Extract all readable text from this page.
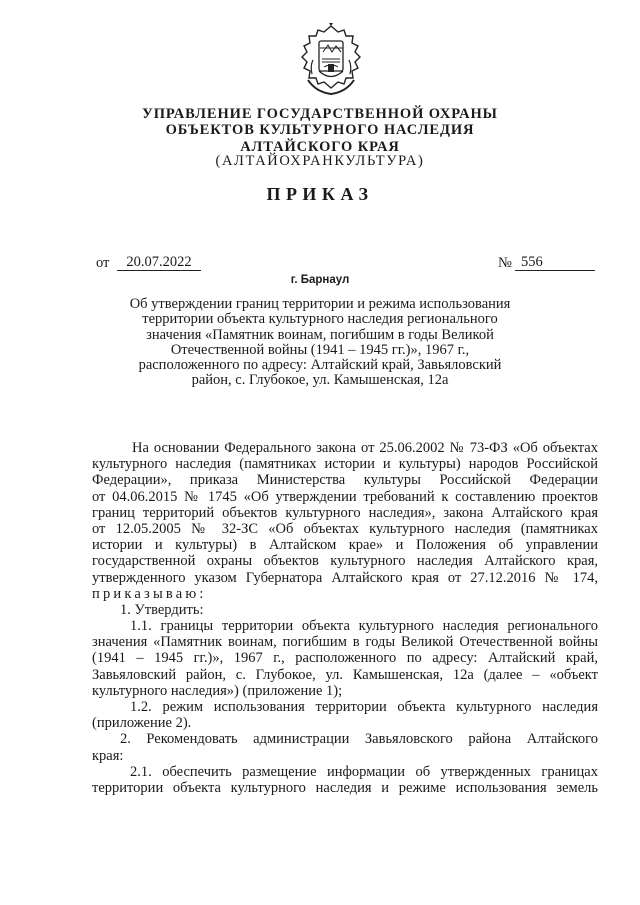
УПРАВЛЕНИЕ ГОСУДАРСТВЕННОЙ ОХРАНЫ
ОБЪЕКТОВ КУЛЬТУРНОГО НАСЛЕДИЯ
АЛТАЙСКОГО КРАЯ
(АЛТАЙОХРАНКУЛЬТУРА)
ПРИКАЗ
от	20.07.2022	№ 556
г. Барнаул
Об утверждении границ территории и режима использования
территории объекта культурного наследия регионального
значения «Памятник воинам, погибшим в годы Великой
Отечественной войны (1941 – 1945 гг.)», 1967 г.,
расположенного по адресу: Алтайский край, Завьяловский
район, с. Глубокое, ул. Камышенская, 12а
На основании Федерального закона от 25.06.2002 № 73-ФЗ «Об объектах
культурного наследия (памятниках истории и культуры) народов Российской
Федерации», приказа Министерства культуры Российской Федерации
от 04.06.2015 № 1745 «Об утверждении требований к составлению проектов
границ территорий объектов культурного наследия», закона Алтайского края
от 12.05.2005 № 32-ЗС «Об объектах культурного наследия (памятниках
истории и культуры) в Алтайском крае» и Положения об управлении
государственной охраны объектов культурного наследия Алтайского края,
утвержденного указом Губернатора Алтайского края от 27.12.2016 № 174,
приказываю:
1. Утвердить:
1.1. границы территории объекта культурного наследия регионального
значения «Памятник воинам, погибшим в годы Великой Отечественной войны
(1941 – 1945 гг.)», 1967 г., расположенного по адресу: Алтайский край,
Завьяловский район, с. Глубокое, ул. Камышенская, 12а (далее – «объект
культурного наследия») (приложение 1);
1.2. режим использования территории объекта культурного наследия
(приложение 2).
2. Рекомендовать администрации Завьяловского района Алтайского
края:
2.1. обеспечить размещение информации об утвержденных границах
территории объекта культурного наследия и режиме использования земель
